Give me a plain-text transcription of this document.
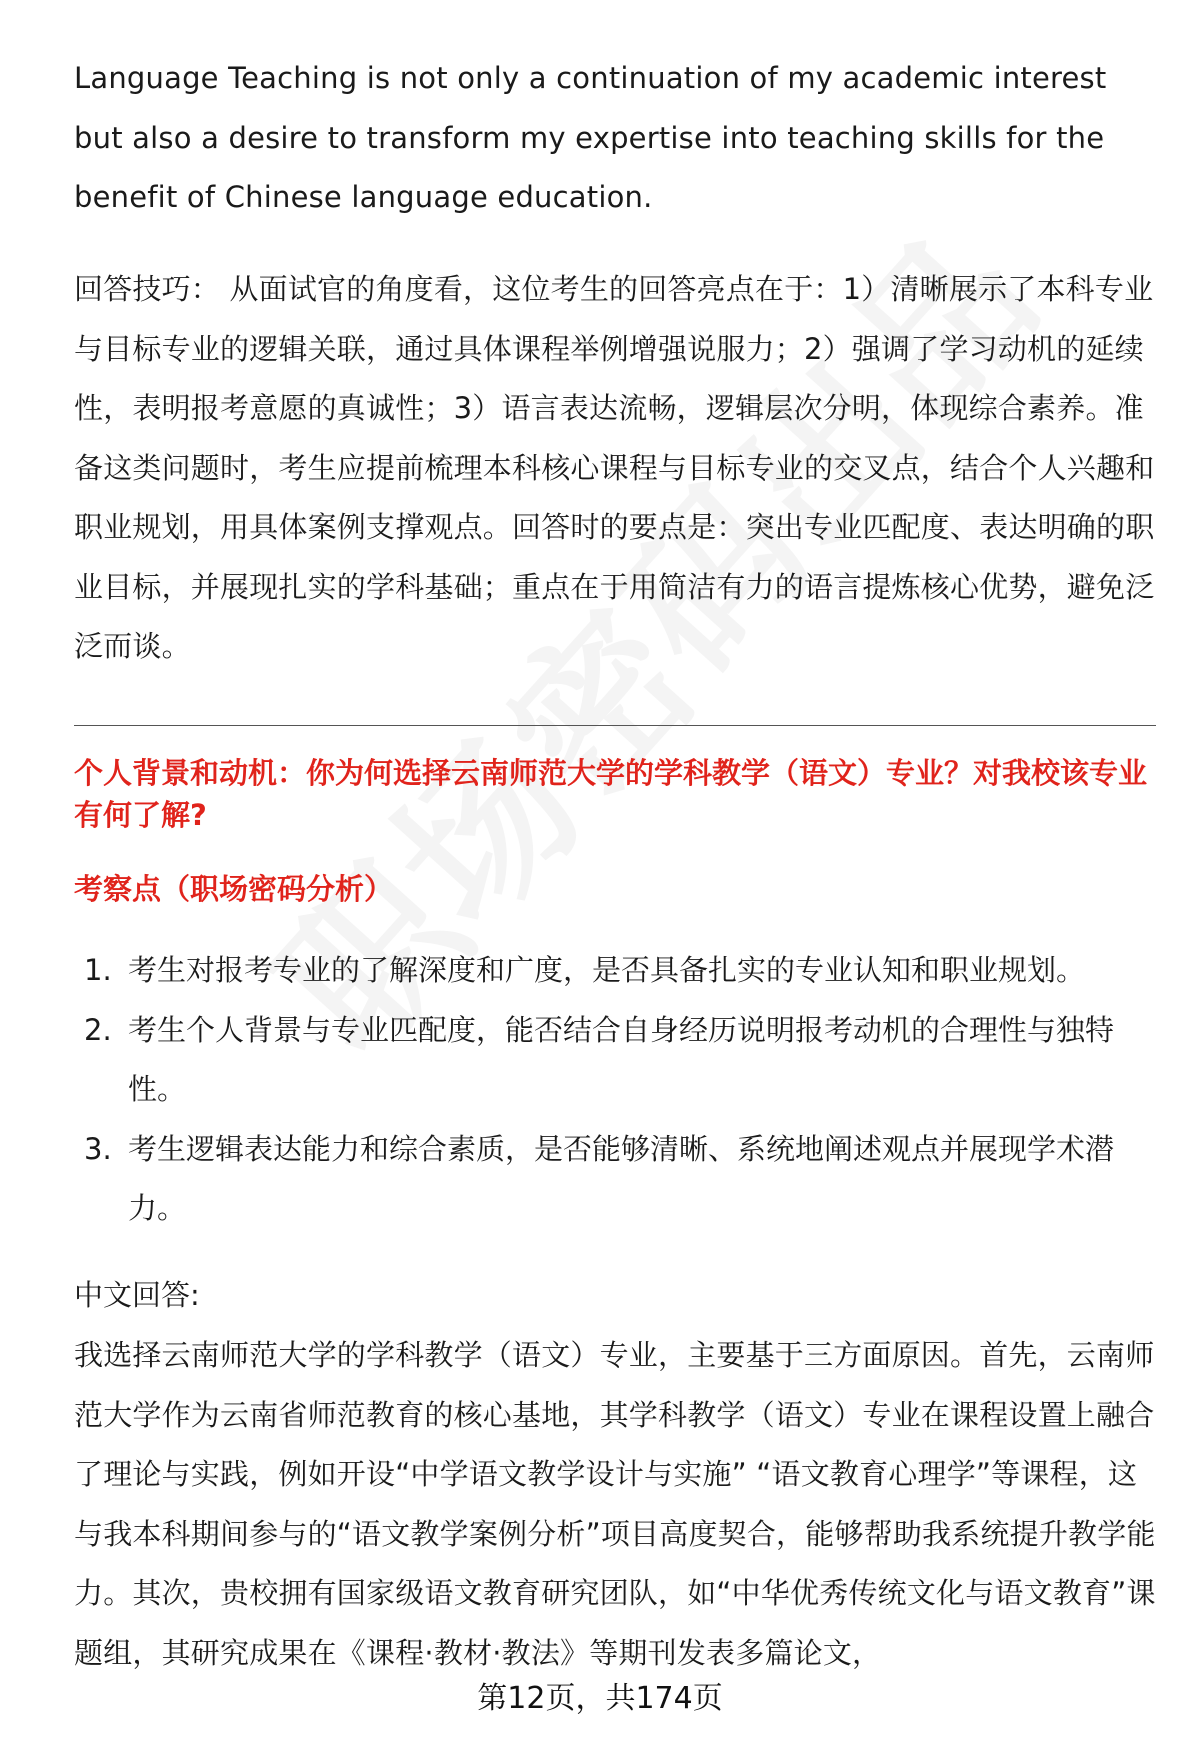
Language Teaching is not only a continuation of my academic interest but also a desire to transform my expertise into teaching skills for the benefit of Chinese language education.

回答技巧： 从面试官的角度看，这位考生的回答亮点在于：1）清晰展示了本科专业与目标专业的逻辑关联，通过具体课程举例增强说服力；2）强调了学习动机的延续性，表明报考意愿的真诚性；3）语言表达流畅，逻辑层次分明，体现综合素养。准备这类问题时，考生应提前梳理本科核心课程与目标专业的交叉点，结合个人兴趣和职业规划，用具体案例支撑观点。回答时的要点是：突出专业匹配度、表达明确的职业目标，并展现扎实的学科基础；重点在于用简洁有力的语言提炼核心优势，避免泛泛而谈。

个人背景和动机：你为何选择云南师范大学的学科教学（语文）专业？对我校该专业有何了解?

考察点（职场密码分析）

1. 考生对报考专业的了解深度和广度，是否具备扎实的专业认知和职业规划。
2. 考生个人背景与专业匹配度，能否结合自身经历说明报考动机的合理性与独特性。
3. 考生逻辑表达能力和综合素质，是否能够清晰、系统地阐述观点并展现学术潜力。

中文回答:

我选择云南师范大学的学科教学（语文）专业，主要基于三方面原因。首先，云南师范大学作为云南省师范教育的核心基地，其学科教学（语文）专业在课程设置上融合了理论与实践，例如开设“中学语文教学设计与实施” “语文教育心理学”等课程，这与我本科期间参与的“语文教学案例分析”项目高度契合，能够帮助我系统提升教学能力。其次，贵校拥有国家级语文教育研究团队，如“中华优秀传统文化与语文教育”课题组，其研究成果在《课程·教材·教法》等期刊发表多篇论文，

第12页，共174页
